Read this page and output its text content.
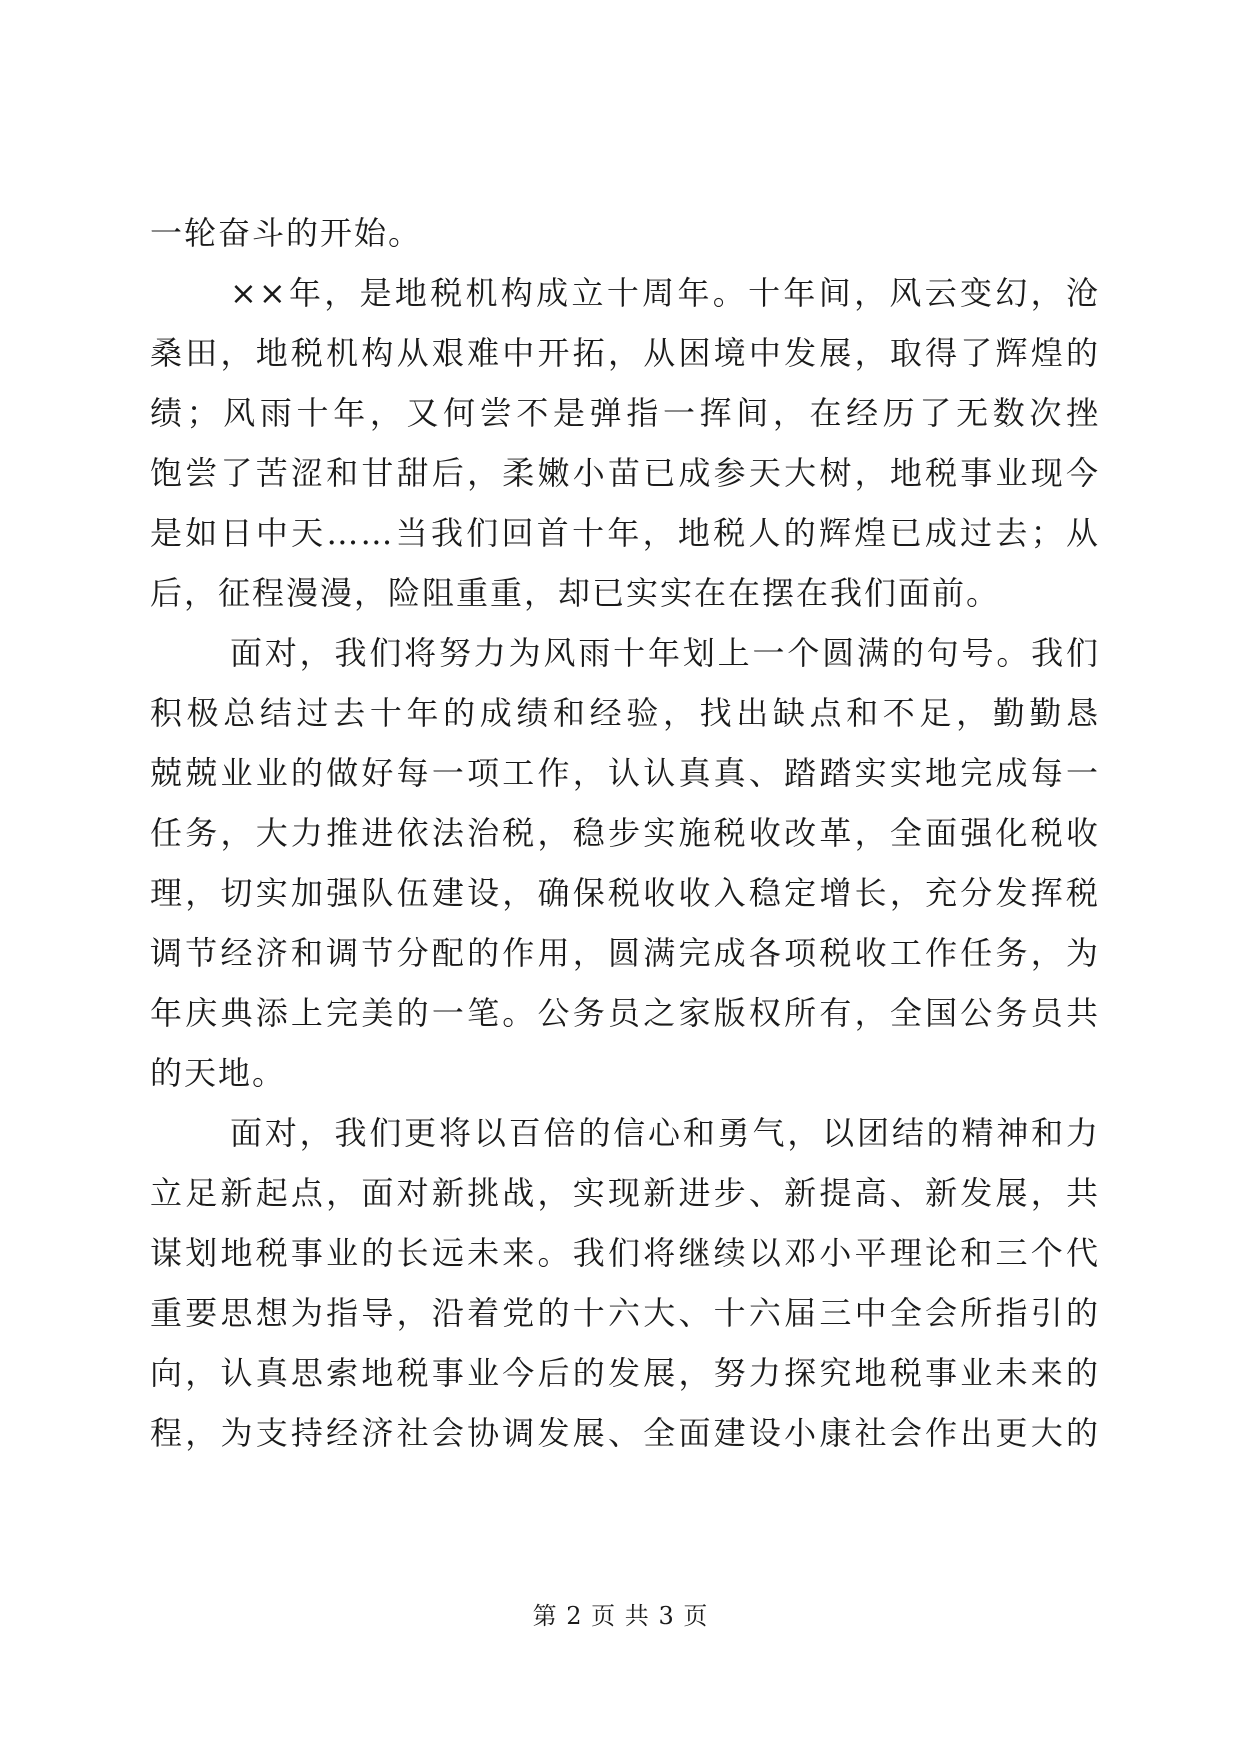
一轮奋斗的开始。
××年，是地税机构成立十周年。十年间，风云变幻，沧
桑田，地税机构从艰难中开拓，从困境中发展，取得了辉煌的
绩；风雨十年，又何尝不是弹指一挥间，在经历了无数次挫
饱尝了苦涩和甘甜后，柔嫩小苗已成参天大树，地税事业现今
是如日中天……当我们回首十年，地税人的辉煌已成过去；从
后，征程漫漫，险阻重重，却已实实在在摆在我们面前。
面对，我们将努力为风雨十年划上一个圆满的句号。我们
积极总结过去十年的成绩和经验，找出缺点和不足，勤勤恳
兢兢业业的做好每一项工作，认认真真、踏踏实实地完成每一
任务，大力推进依法治税，稳步实施税收改革，全面强化税收
理，切实加强队伍建设，确保税收收入稳定增长，充分发挥税
调节经济和调节分配的作用，圆满完成各项税收工作任务，为
年庆典添上完美的一笔。公务员之家版权所有，全国公务员共
的天地。
面对，我们更将以百倍的信心和勇气，以团结的精神和力
立足新起点，面对新挑战，实现新进步、新提高、新发展，共
谋划地税事业的长远未来。我们将继续以邓小平理论和三个代
重要思想为指导，沿着党的十六大、十六届三中全会所指引的
向，认真思索地税事业今后的发展，努力探究地税事业未来的
程，为支持经济社会协调发展、全面建设小康社会作出更大的
第 2 页 共 3 页
